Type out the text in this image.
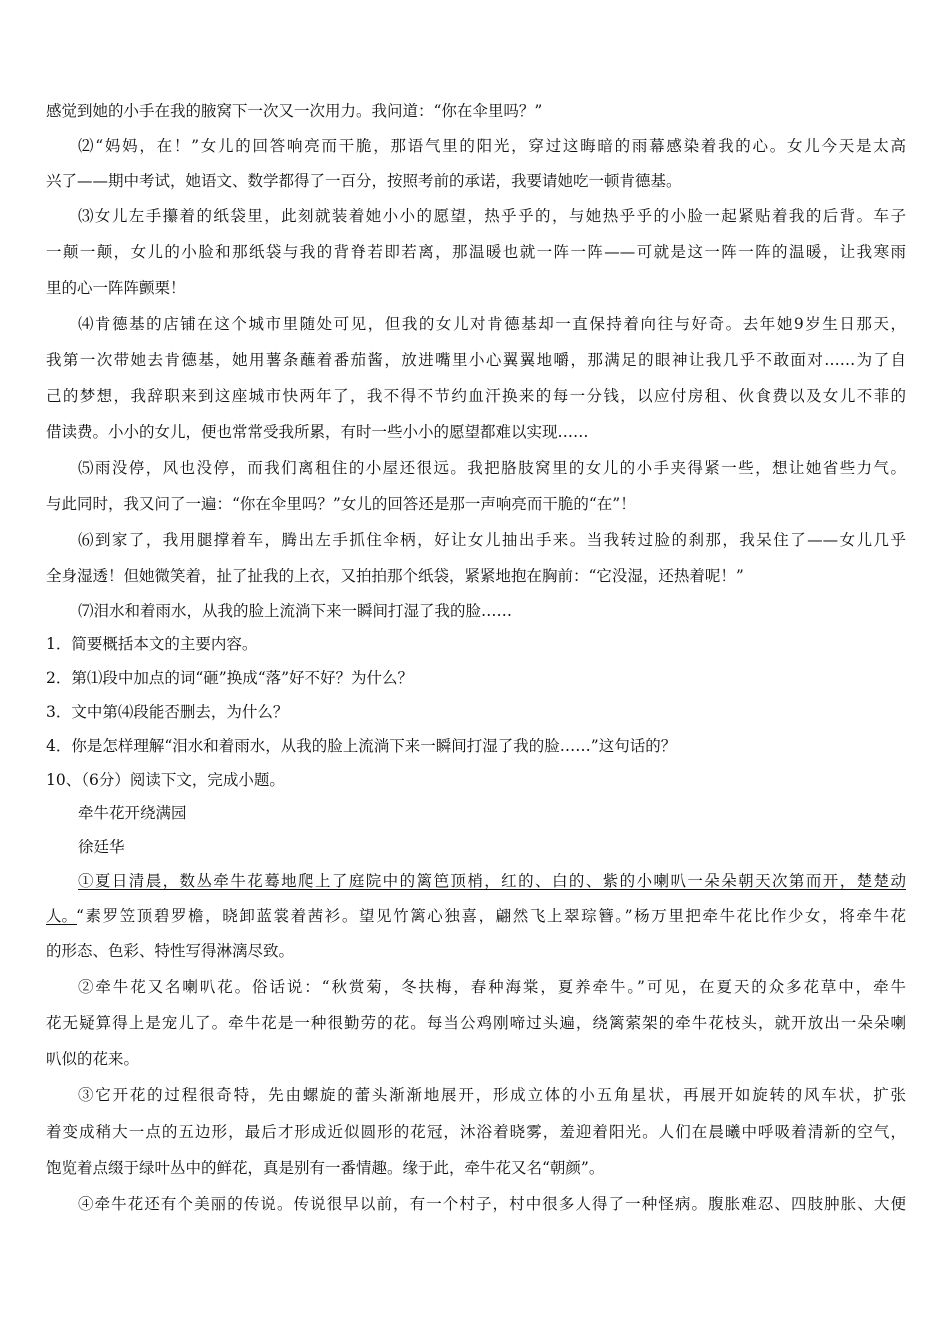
感觉到她的小手在我的腋窝下一次又一次用力。我问道：“你在伞里吗？”
⑵“妈妈，在！”女儿的回答响亮而干脆，那语气里的阳光，穿过这晦暗的雨幕感染着我的心。女儿今天是太高
兴了——期中考试，她语文、数学都得了一百分，按照考前的承诺，我要请她吃一顿肯德基。
⑶女儿左手攥着的纸袋里，此刻就装着她小小的愿望，热乎乎的，与她热乎乎的小脸一起紧贴着我的后背。车子
一颠一颠，女儿的小脸和那纸袋与我的背脊若即若离，那温暖也就一阵一阵——可就是这一阵一阵的温暖，让我寒雨
里的心一阵阵颤栗！
⑷肯德基的店铺在这个城市里随处可见，但我的女儿对肯德基却一直保持着向往与好奇。去年她9岁生日那天，
我第一次带她去肯德基，她用薯条蘸着番茄酱，放进嘴里小心翼翼地嚼，那满足的眼神让我几乎不敢面对……为了自
己的梦想，我辞职来到这座城市快两年了，我不得不节约血汗换来的每一分钱，以应付房租、伙食费以及女儿不菲的
借读费。小小的女儿，便也常常受我所累，有时一些小小的愿望都难以实现……
⑸雨没停，风也没停，而我们离租住的小屋还很远。我把胳肢窝里的女儿的小手夹得紧一些，想让她省些力气。
与此同时，我又问了一遍：“你在伞里吗？”女儿的回答还是那一声响亮而干脆的“在”！
⑹到家了，我用腿撑着车，腾出左手抓住伞柄，好让女儿抽出手来。当我转过脸的刹那，我呆住了——女儿几乎
全身湿透！但她微笑着，扯了扯我的上衣，又拍拍那个纸袋，紧紧地抱在胸前：“它没湿，还热着呢！”
⑺泪水和着雨水，从我的脸上流淌下来一瞬间打湿了我的脸……
1．简要概括本文的主要内容。
2．第⑴段中加点的词“砸”换成“落”好不好？为什么？
3．文中第⑷段能否删去，为什么？
4．你是怎样理解“泪水和着雨水，从我的脸上流淌下来一瞬间打湿了我的脸……”这句话的？
10、（6分）阅读下文，完成小题。
牵牛花开绕满园
徐廷华
①夏日清晨，数丛牵牛花蓦地爬上了庭院中的篱笆顶梢，红的、白的、紫的小喇叭一朵朵朝天次第而开，楚楚动
人。
“素罗笠顶碧罗檐，晓卸蓝裳着茜衫。望见竹篱心独喜，翩然飞上翠琮簪。”杨万里把牵牛花比作少女，将牵牛花
的形态、色彩、特性写得淋漓尽致。
②牵牛花又名喇叭花。俗话说：“秋赏菊，冬扶梅，春种海棠，夏养牵牛。”可见，在夏天的众多花草中，牵牛
花无疑算得上是宠儿了。牵牛花是一种很勤劳的花。每当公鸡刚啼过头遍，绕篱萦架的牵牛花枝头，就开放出一朵朵喇
叭似的花来。
③它开花的过程很奇特，先由螺旋的蕾头渐渐地展开，形成立体的小五角星状，再展开如旋转的风车状，扩张
着变成稍大一点的五边形，最后才形成近似圆形的花冠，沐浴着晓雾，羞迎着阳光。人们在晨曦中呼吸着清新的空气，
饱览着点缀于绿叶丛中的鲜花，真是别有一番情趣。缘于此，牵牛花又名“朝颜”。
④牵牛花还有个美丽的传说。传说很早以前，有一个村子，村中很多人得了一种怪病。腹胀难忍、四肢肿胀、大便
